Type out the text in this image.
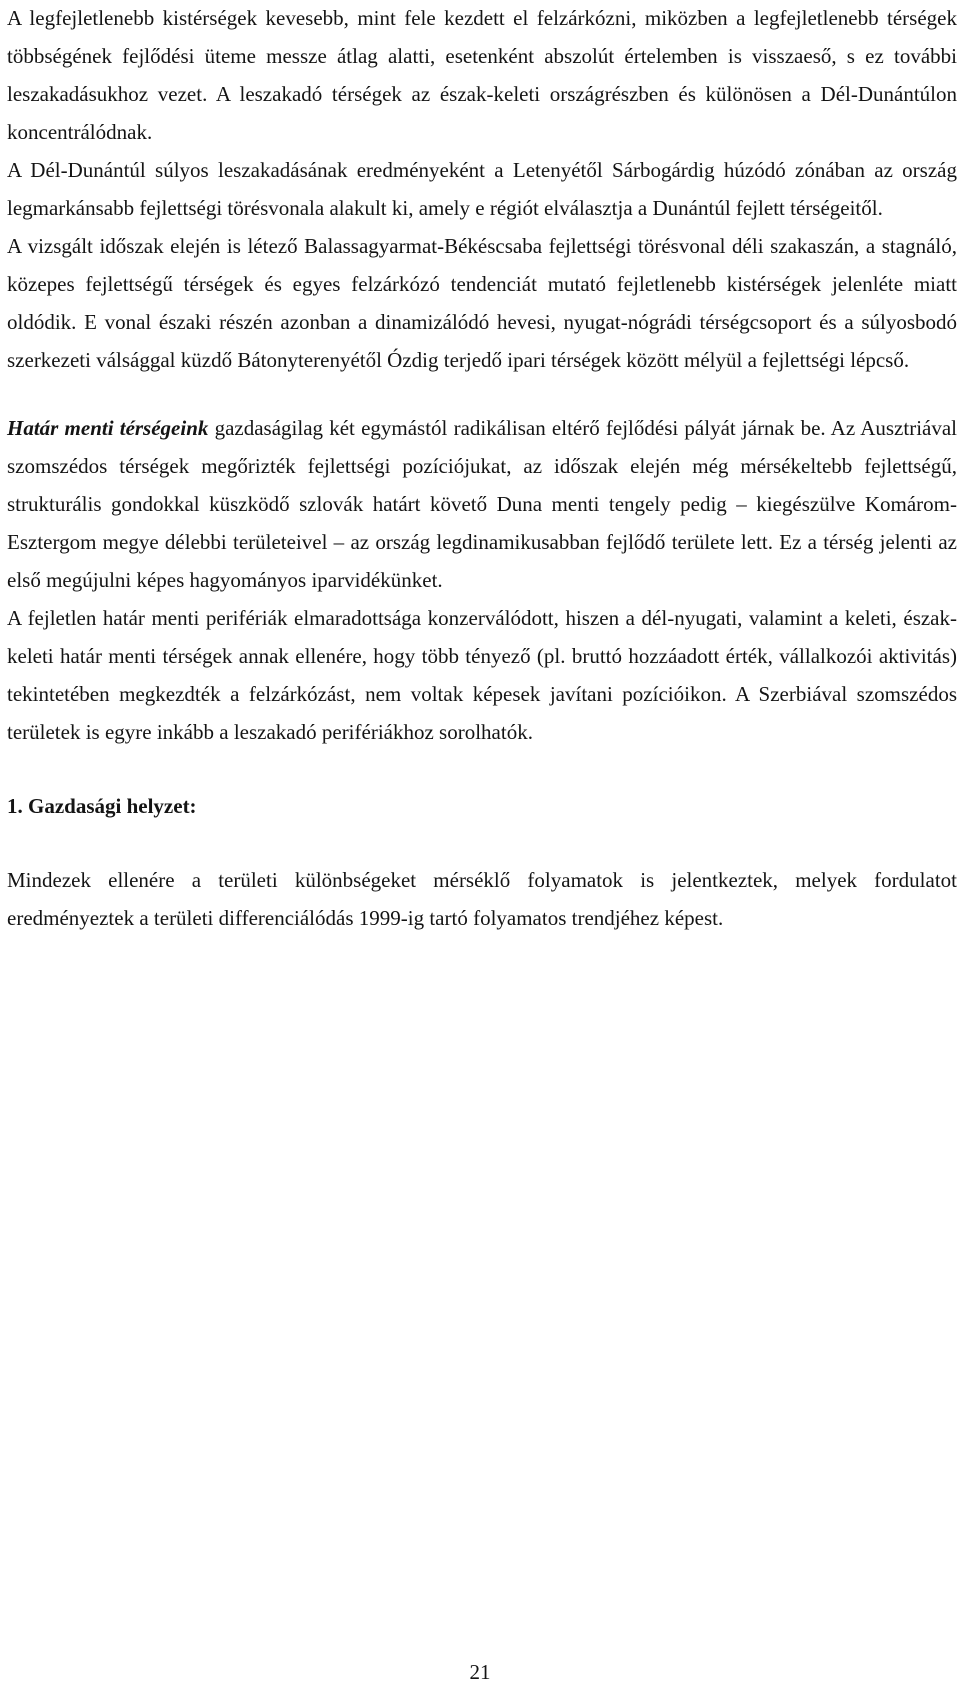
A legfejletlenebb kistérségek kevesebb, mint fele kezdett el felzárkózni, miközben a legfejletlenebb térségek többségének fejlődési üteme messze átlag alatti, esetenként abszolút értelemben is visszaeső, s ez további leszakadásukhoz vezet. A leszakadó térségek az észak-keleti országrészben és különösen a Dél-Dunántúlon koncentrálódnak.

A Dél-Dunántúl súlyos leszakadásának eredményeként a Letenyétől Sárbogárdig húzódó zónában az ország legmarkánsabb fejlettségi törésvonala alakult ki, amely e régiót elválasztja a Dunántúl fejlett térségeitől.

A vizsgált időszak elején is létező Balassagyarmat-Békéscsaba fejlettségi törésvonal déli szakaszán, a stagnáló, közepes fejlettségű térségek és egyes felzárkózó tendenciát mutató fejletlenebb kistérségek jelenléte miatt oldódik. E vonal északi részén azonban a dinamizálódó hevesi, nyugat-nógrádi térségcsoport és a súlyosbodó szerkezeti válsággal küzdő Bátonyterenyétől Ózdig terjedő ipari térségek között mélyül a fejlettségi lépcső.

Határ menti térségeink gazdaságilag két egymástól radikálisan eltérő fejlődési pályát járnak be. Az Ausztriával szomszédos térségek megőrizték fejlettségi pozíciójukat, az időszak elején még mérsékeltebb fejlettségű, strukturális gondokkal küszködő szlovák határt követő Duna menti tengely pedig – kiegészülve Komárom-Esztergom megye délebbi területeivel – az ország legdinamikusabban fejlődő területe lett. Ez a térség jelenti az első megújulni képes hagyományos iparvidékünket.

A fejletlen határ menti perifériák elmaradottsága konzerválódott, hiszen a dél-nyugati, valamint a keleti, észak-keleti határ menti térségek annak ellenére, hogy több tényező (pl. bruttó hozzáadott érték, vállalkozói aktivitás) tekintetében megkezdték a felzárkózást, nem voltak képesek javítani pozícióikon. A Szerbiával szomszédos területek is egyre inkább a leszakadó perifériákhoz sorolhatók.

1. Gazdasági helyzet:

Mindezek ellenére a területi különbségeket mérséklő folyamatok is jelentkeztek, melyek fordulatot eredményeztek a területi differenciálódás 1999-ig tartó folyamatos trendjéhez képest.

21
